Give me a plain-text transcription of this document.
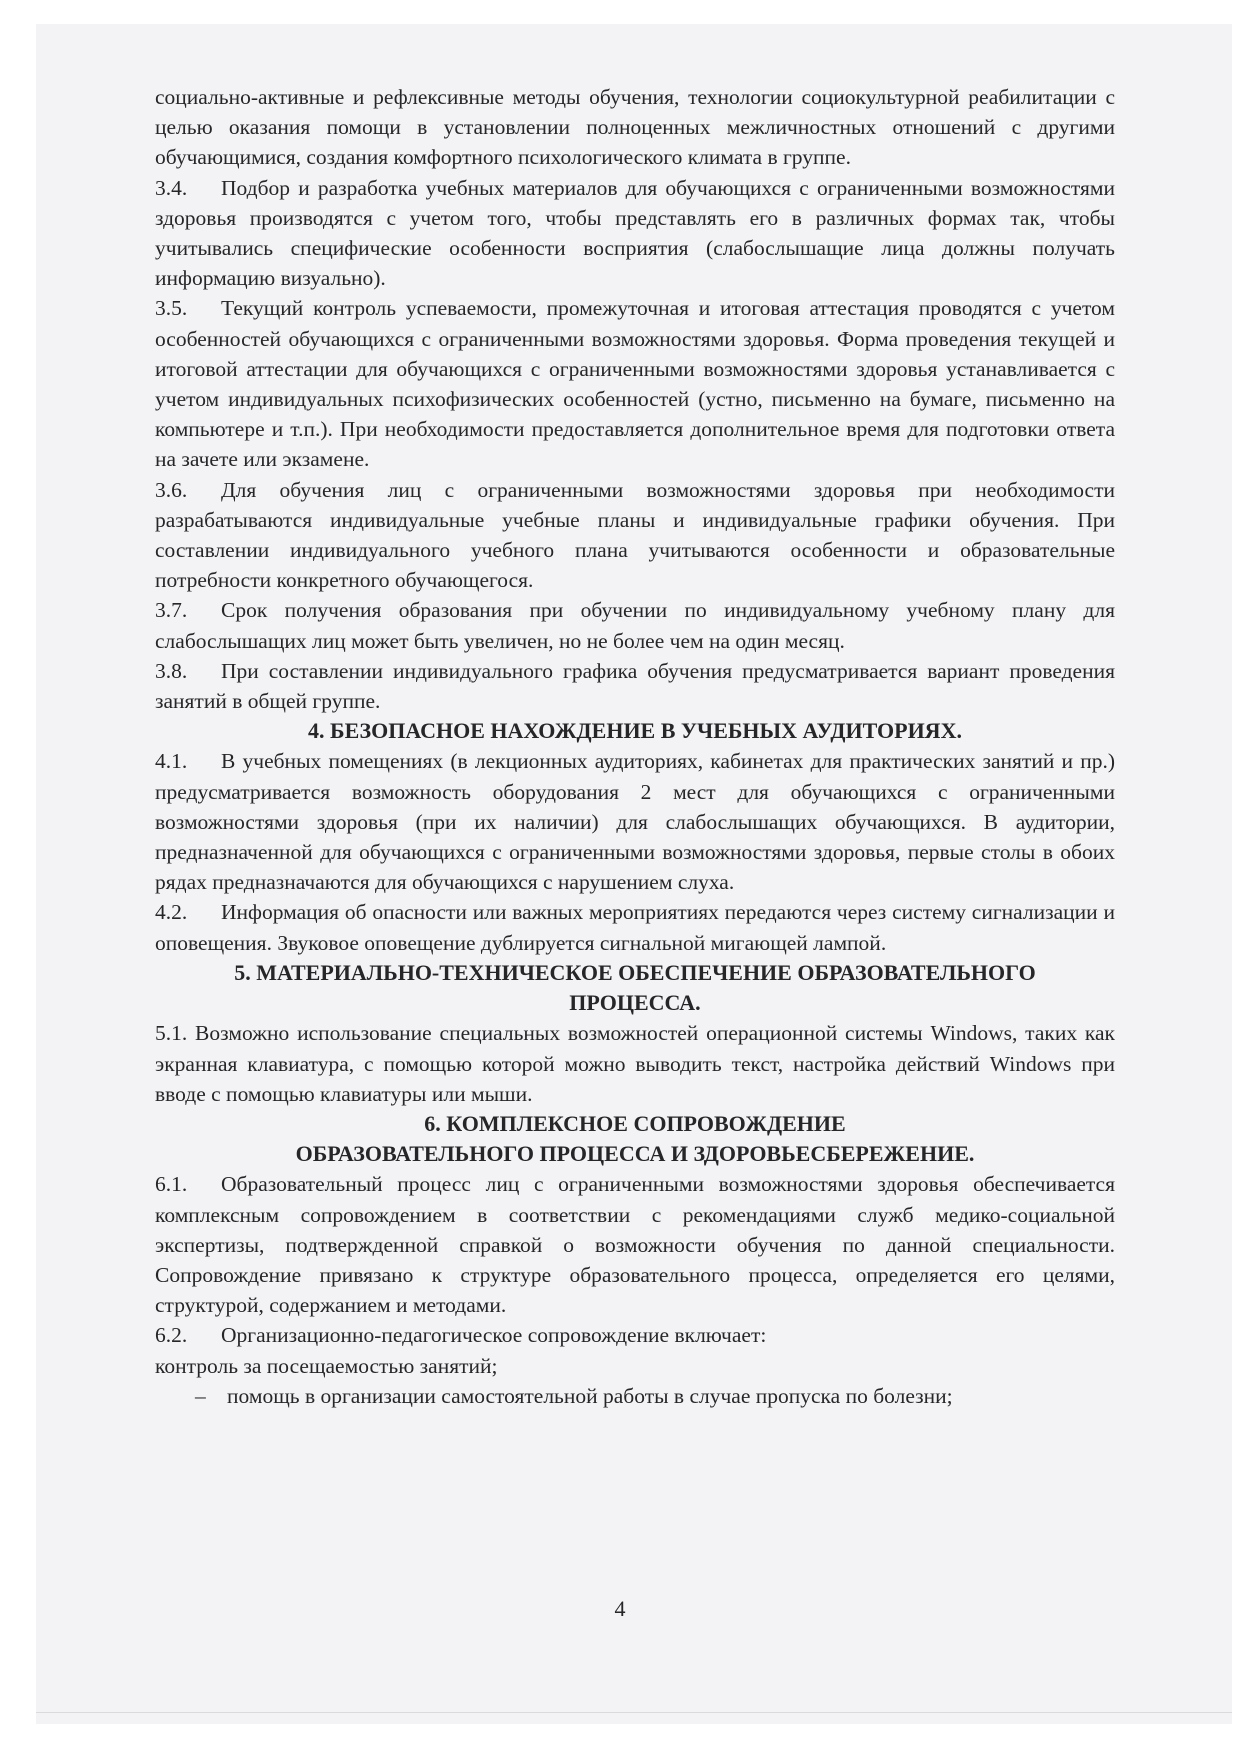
социально-активные и рефлексивные методы обучения, технологии социокультурной реабилитации с целью оказания помощи в установлении полноценных межличностных отношений с другими обучающимися, создания комфортного психологического климата в группе.

3.4. Подбор и разработка учебных материалов для обучающихся с ограниченными возможностями здоровья производятся с учетом того, чтобы представлять его в различных формах так, чтобы учитывались специфические особенности восприятия (слабослышащие лица должны получать информацию визуально).

3.5. Текущий контроль успеваемости, промежуточная и итоговая аттестация проводятся с учетом особенностей обучающихся с ограниченными возможностями здоровья. Форма проведения текущей и итоговой аттестации для обучающихся с ограниченными возможностями здоровья устанавливается с учетом индивидуальных психофизических особенностей (устно, письменно на бумаге, письменно на компьютере и т.п.). При необходимости предоставляется дополнительное время для подготовки ответа на зачете или экзамене.

3.6. Для обучения лиц с ограниченными возможностями здоровья при необходимости разрабатываются индивидуальные учебные планы и индивидуальные графики обучения. При составлении индивидуального учебного плана учитываются особенности и образовательные потребности конкретного обучающегося.

3.7. Срок получения образования при обучении по индивидуальному учебному плану для слабослышащих лиц может быть увеличен, но не более чем на один месяц.

3.8. При составлении индивидуального графика обучения предусматривается вариант проведения занятий в общей группе.

4. БЕЗОПАСНОЕ НАХОЖДЕНИЕ В УЧЕБНЫХ АУДИТОРИЯХ.

4.1. В учебных помещениях (в лекционных аудиториях, кабинетах для практических занятий и пр.) предусматривается возможность оборудования 2 мест для обучающихся с ограниченными возможностями здоровья (при их наличии) для слабослышащих обучающихся. В аудитории, предназначенной для обучающихся с ограниченными возможностями здоровья, первые столы в обоих рядах предназначаются для обучающихся с нарушением слуха.

4.2. Информация об опасности или важных мероприятиях передаются через систему сигнализации и оповещения. Звуковое оповещение дублируется сигнальной мигающей лампой.

5. МАТЕРИАЛЬНО-ТЕХНИЧЕСКОЕ ОБЕСПЕЧЕНИЕ ОБРАЗОВАТЕЛЬНОГО

ПРОЦЕССА.

5.1. Возможно использование специальных возможностей операционной системы Windows, таких как экранная клавиатура, с помощью которой можно выводить текст, настройка действий Windows при вводе с помощью клавиатуры или мыши.

6. КОМПЛЕКСНОЕ СОПРОВОЖДЕНИЕ

ОБРАЗОВАТЕЛЬНОГО ПРОЦЕССА И ЗДОРОВЬЕСБЕРЕЖЕНИЕ.

6.1. Образовательный процесс лиц с ограниченными возможностями здоровья обеспечивается комплексным сопровождением в соответствии с рекомендациями служб медико-социальной экспертизы, подтвержденной справкой о возможности обучения по данной специальности. Сопровождение привязано к структуре образовательного процесса, определяется его целями, структурой, содержанием и методами.

6.2. Организационно-педагогическое сопровождение включает:

контроль за посещаемостью занятий;

– помощь в организации самостоятельной работы в случае пропуска по болезни;

4
